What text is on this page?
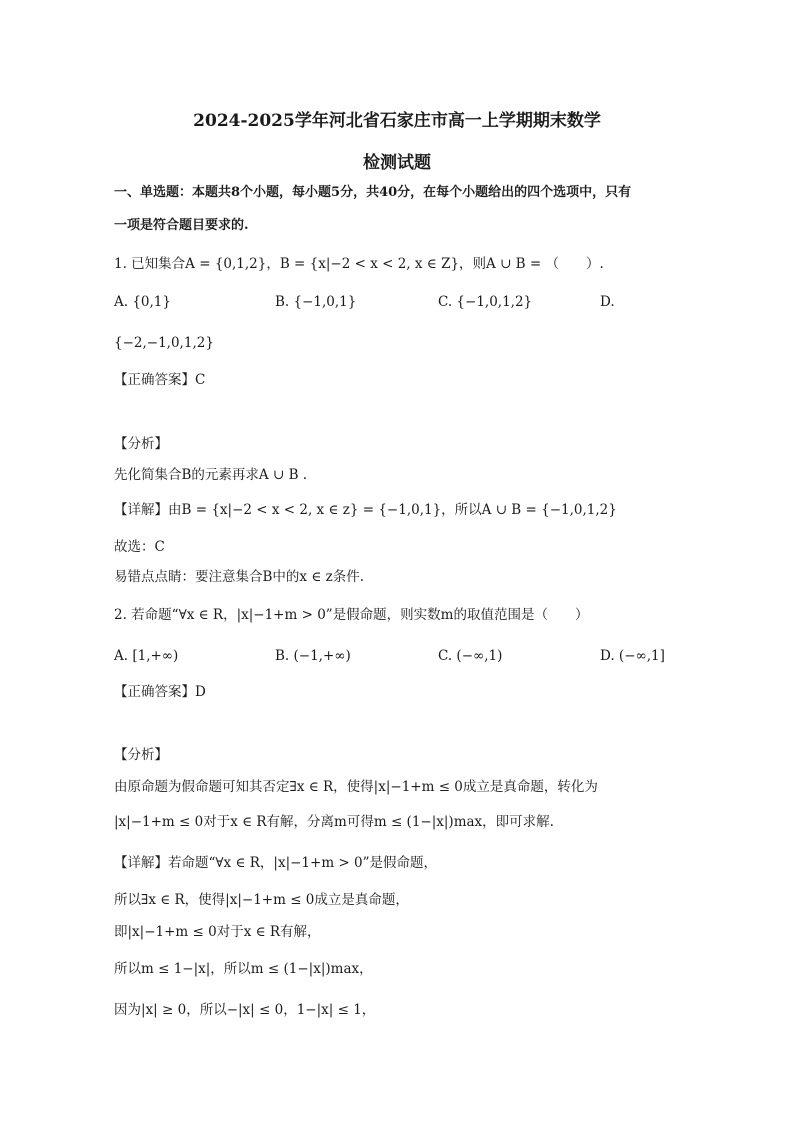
2024-2025学年河北省石家庄市高一上学期期末数学
检测试题
一、单选题：本题共8个小题，每小题5分，共40分，在每个小题给出的四个选项中，只有
一项是符合题目要求的.
1. 已知集合A = {0,1,2}，B = {x|−2 < x < 2, x ∈ Z}，则A ∪ B = （　　）.
A. {0,1}	B. {−1,0,1}	C. {−1,0,1,2}	D.
{−2,−1,0,1,2}
【正确答案】C
【分析】
先化简集合B的元素再求A ∪ B .
【详解】由B = {x|−2 < x < 2, x ∈ z} = {−1,0,1}，所以A ∪ B = {−1,0,1,2}
故选：C
易错点点睛：要注意集合B中的x ∈ z条件.
2. 若命题“∀x ∈ R，|x|−1+m > 0”是假命题，则实数m的取值范围是（　　）
A. [1,+∞)	B. (−1,+∞)	C. (−∞,1)	D. (−∞,1]
【正确答案】D
【分析】
由原命题为假命题可知其否定∃x ∈ R，使得|x|−1+m ≤ 0成立是真命题，转化为
|x|−1+m ≤ 0对于x ∈ R有解，分离m可得m ≤ (1−|x|)max，即可求解.
【详解】若命题“∀x ∈ R，|x|−1+m > 0”是假命题，
所以∃x ∈ R，使得|x|−1+m ≤ 0成立是真命题，
即|x|−1+m ≤ 0对于x ∈ R有解，
所以m ≤ 1−|x|，所以m ≤ (1−|x|)max，
因为|x| ≥ 0，所以−|x| ≤ 0，1−|x| ≤ 1，
